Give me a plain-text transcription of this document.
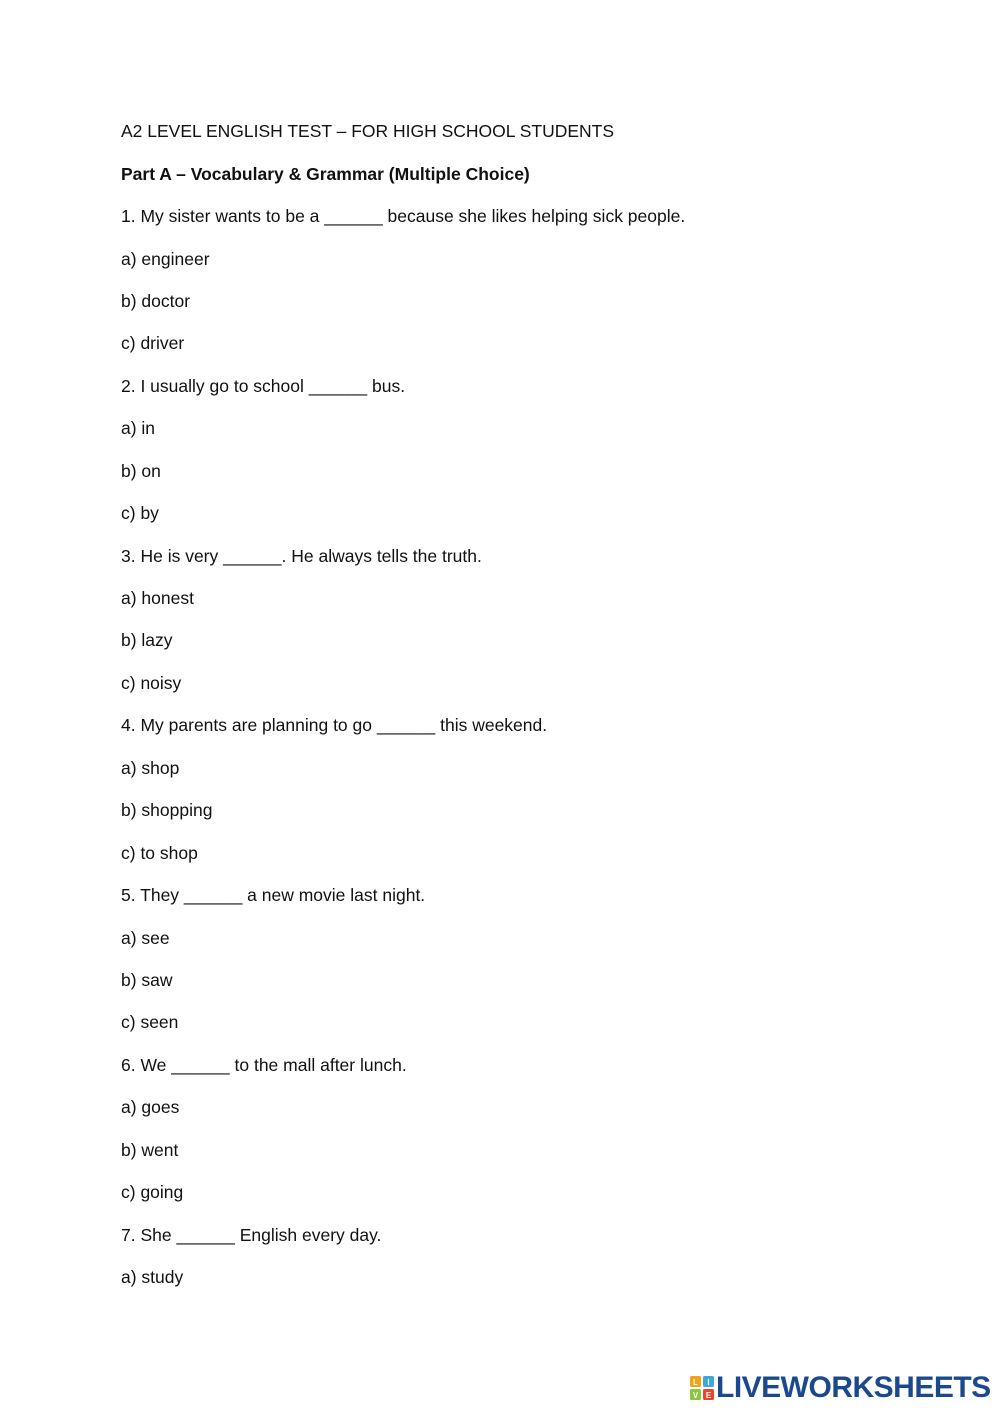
A2 LEVEL ENGLISH TEST – FOR HIGH SCHOOL STUDENTS
Part A – Vocabulary & Grammar (Multiple Choice)
1. My sister wants to be a ______ because she likes helping sick people.
a) engineer
b) doctor
c) driver
2. I usually go to school ______ bus.
a) in
b) on
c) by
3. He is very ______. He always tells the truth.
a) honest
b) lazy
c) noisy
4. My parents are planning to go ______ this weekend.
a) shop
b) shopping
c) to shop
5. They ______ a new movie last night.
a) see
b) saw
c) seen
6. We ______ to the mall after lunch.
a) goes
b) went
c) going
7. She ______ English every day.
a) study
L I
V E LIVEWORKSHEETS
